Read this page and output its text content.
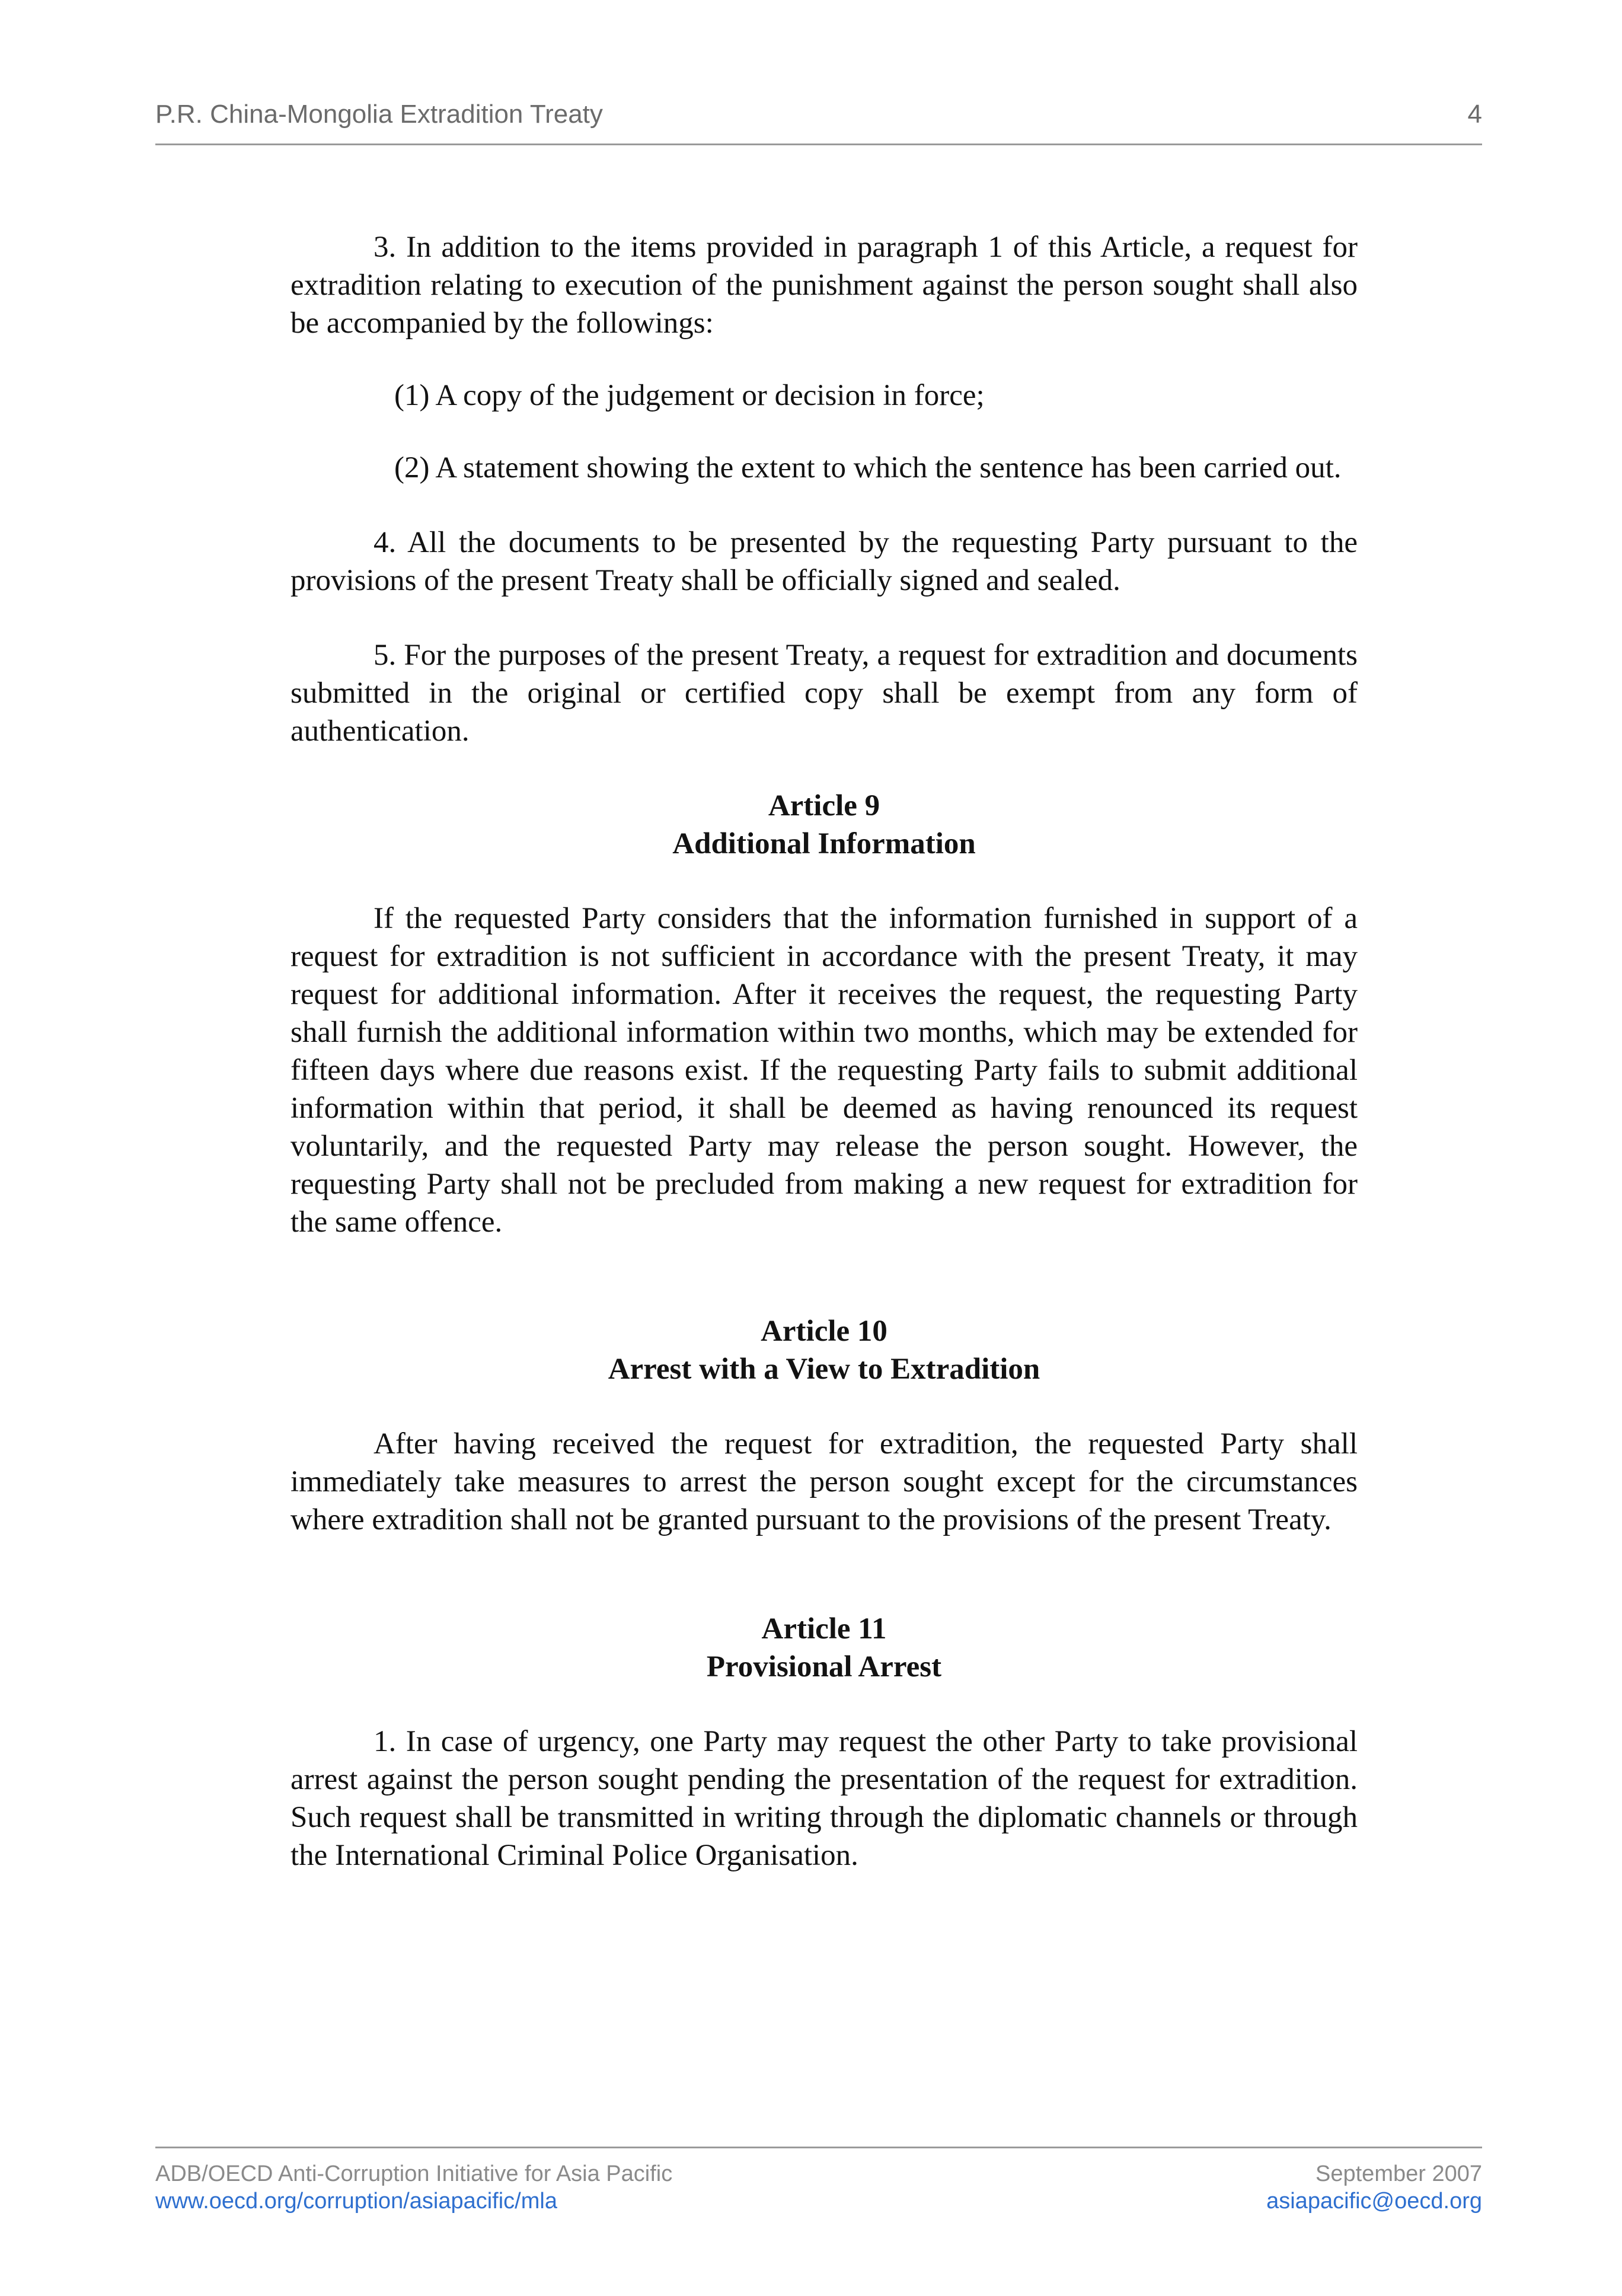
P.R. China-Mongolia Extradition Treaty	4

3. In addition to the items provided in paragraph 1 of this Article, a request for extradition relating to execution of the punishment against the person sought shall also be accompanied by the followings:

(1) A copy of the judgement or decision in force;

(2) A statement showing the extent to which the sentence has been carried out.

4. All the documents to be presented by the requesting Party pursuant to the provisions of the present Treaty shall be officially signed and sealed.

5. For the purposes of the present Treaty, a request for extradition and documents submitted in the original or certified copy shall be exempt from any form of authentication.

Article 9
Additional Information

If the requested Party considers that the information furnished in support of a request for extradition is not sufficient in accordance with the present Treaty, it may request for additional information. After it receives the request, the requesting Party shall furnish the additional information within two months, which may be extended for fifteen days where due reasons exist. If the requesting Party fails to submit additional information within that period, it shall be deemed as having renounced its request voluntarily, and the requested Party may release the person sought. However, the requesting Party shall not be precluded from making a new request for extradition for the same offence.

Article 10
Arrest with a View to Extradition

After having received the request for extradition, the requested Party shall immediately take measures to arrest the person sought except for the circumstances where extradition shall not be granted pursuant to the provisions of the present Treaty.

Article 11
Provisional Arrest

1. In case of urgency, one Party may request the other Party to take provisional arrest against the person sought pending the presentation of the request for extradition. Such request shall be transmitted in writing through the diplomatic channels or through the International Criminal Police Organisation.

ADB/OECD Anti-Corruption Initiative for Asia Pacific
www.oecd.org/corruption/asiapacific/mla
September 2007
asiapacific@oecd.org
